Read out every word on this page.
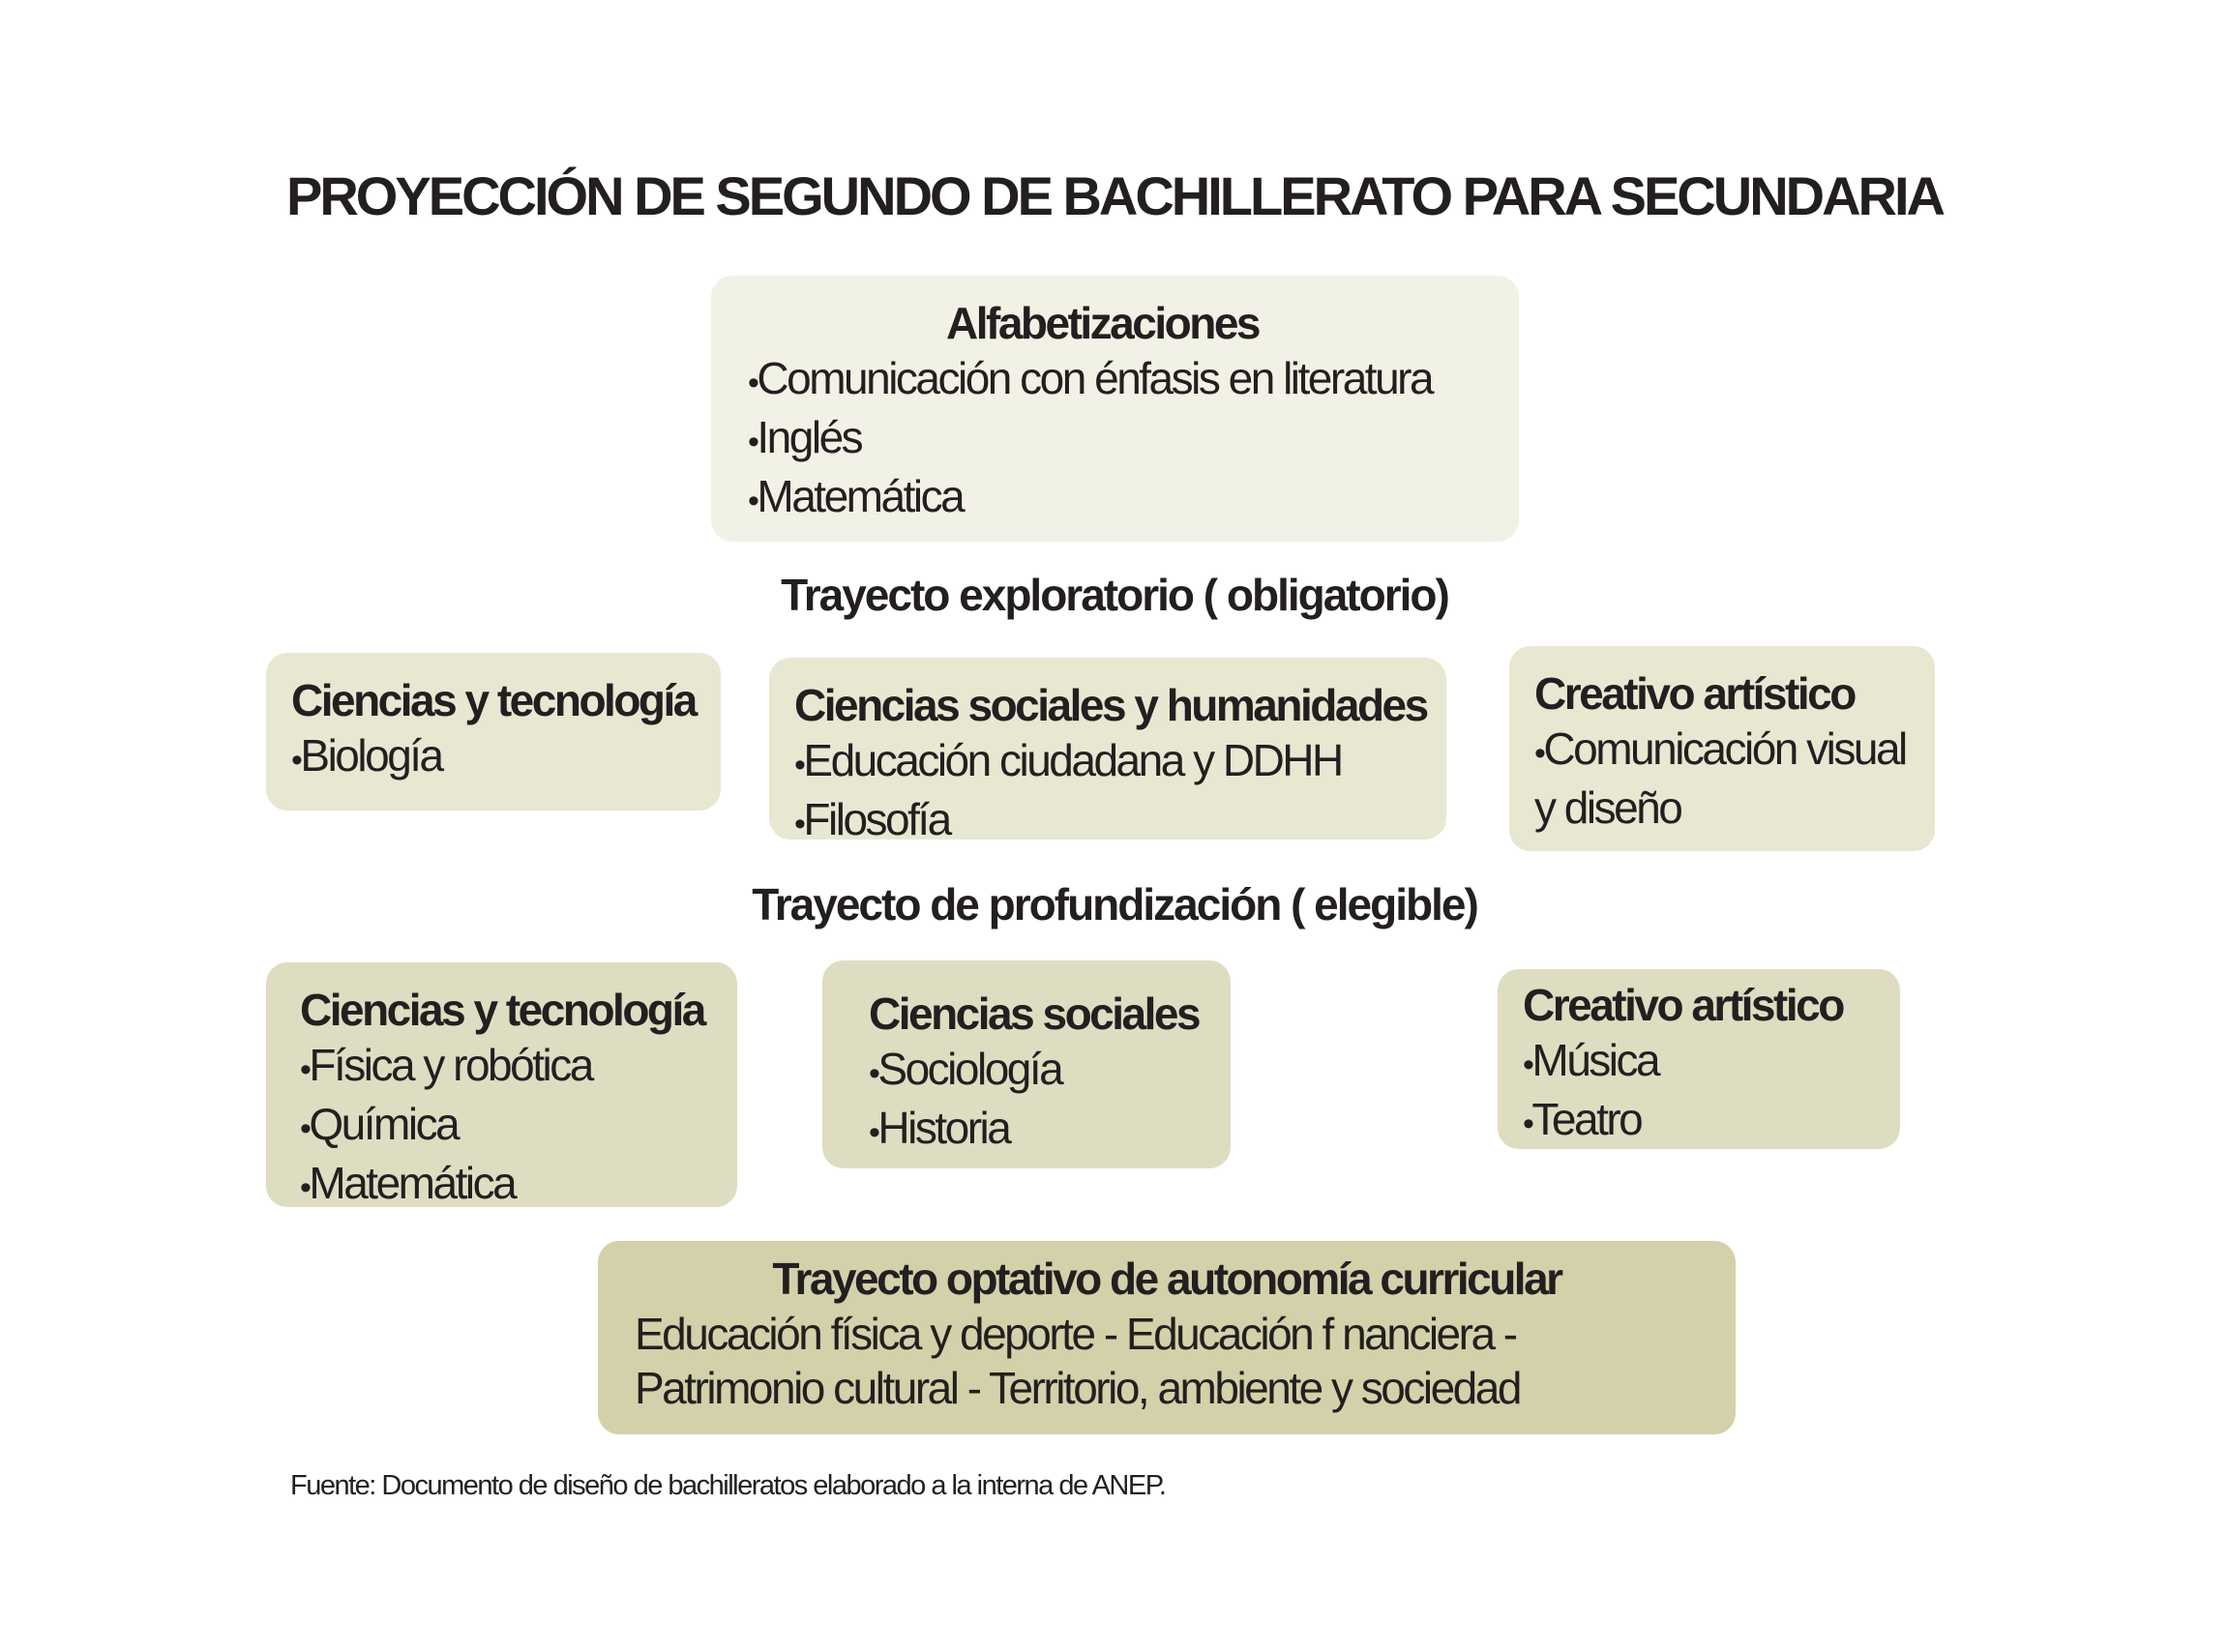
PROYECCIÓN DE SEGUNDO DE BACHILLERATO PARA SECUNDARIA
Alfabetizaciones
• Comunicación con énfasis en literatura
• Inglés
• Matemática
Trayecto exploratorio ( obligatorio)
Ciencias y tecnología
• Biología
Ciencias sociales y humanidades
• Educación ciudadana y DDHH
• Filosofía
Creativo artístico
• Comunicación visual y diseño
Trayecto de profundización ( elegible)
Ciencias y tecnología
• Física y robótica
• Química
• Matemática
Ciencias sociales
• Sociología
• Historia
Creativo artístico
• Música
• Teatro
Trayecto optativo de autonomía curricular
Educación física y deporte - Educación f nanciera -
Patrimonio cultural - Territorio, ambiente y sociedad
Fuente: Documento de diseño de bachilleratos elaborado a la interna de ANEP.
